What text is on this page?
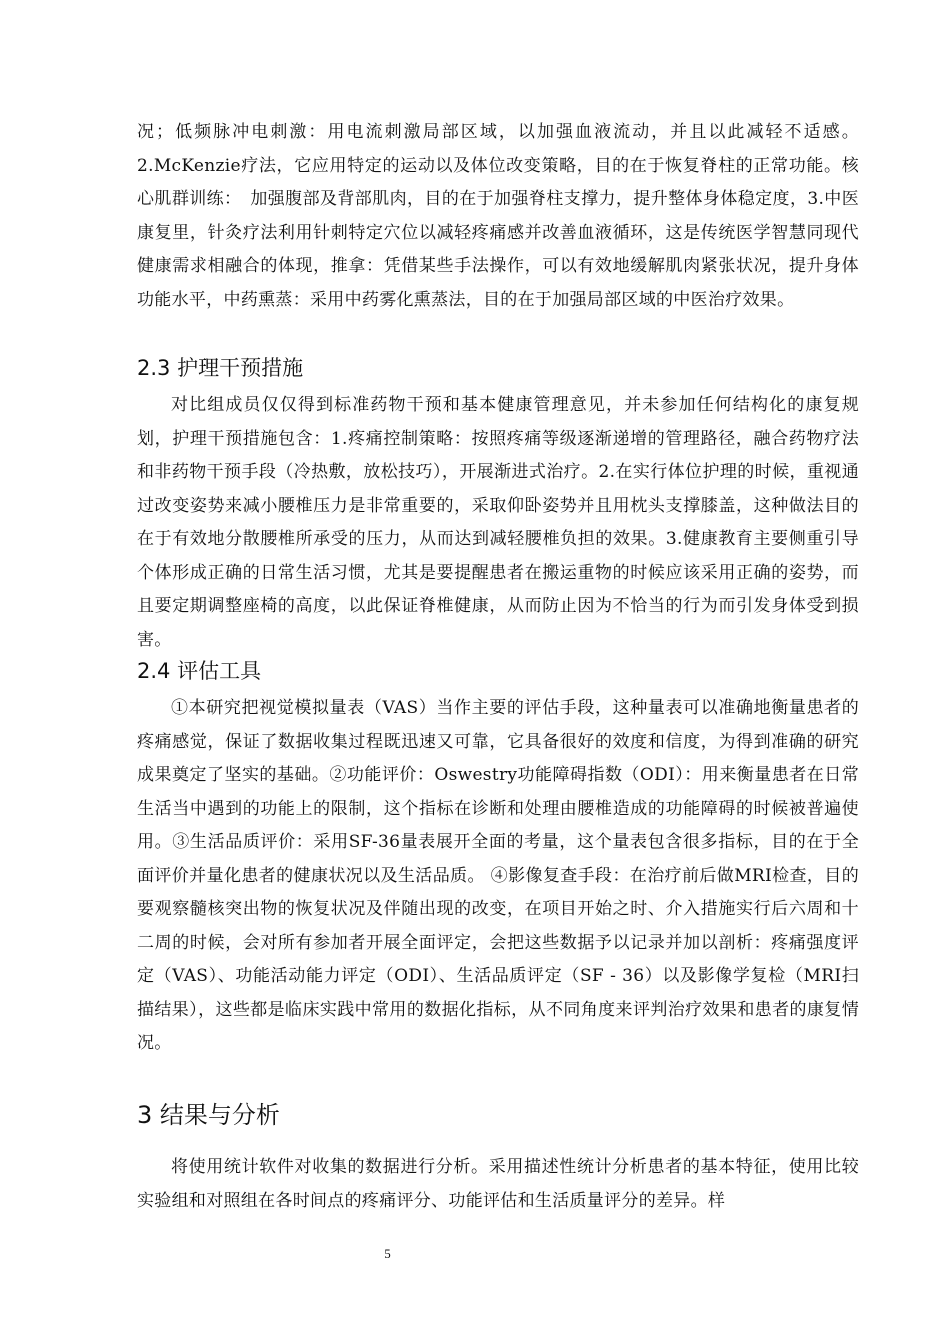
况；低频脉冲电刺激：用电流刺激局部区域，以加强血液流动，并且以此减轻不适感。2.McKenzie疗法，它应用特定的运动以及体位改变策略，目的在于恢复脊柱的正常功能。核心肌群训练：　加强腹部及背部肌肉，目的在于加强脊柱支撑力，提升整体身体稳定度，3.中医康复里，针灸疗法利用针刺特定穴位以减轻疼痛感并改善血液循环，这是传统医学智慧同现代健康需求相融合的体现，推拿：凭借某些手法操作，可以有效地缓解肌肉紧张状况，提升身体功能水平，中药熏蒸：采用中药雾化熏蒸法，目的在于加强局部区域的中医治疗效果。

2.3 护理干预措施

对比组成员仅仅得到标准药物干预和基本健康管理意见，并未参加任何结构化的康复规划，护理干预措施包含：1.疼痛控制策略：按照疼痛等级逐渐递增的管理路径，融合药物疗法和非药物干预手段（冷热敷，放松技巧），开展渐进式治疗。2.在实行体位护理的时候，重视通过改变姿势来减小腰椎压力是非常重要的，采取仰卧姿势并且用枕头支撑膝盖，这种做法目的在于有效地分散腰椎所承受的压力，从而达到减轻腰椎负担的效果。3.健康教育主要侧重引导个体形成正确的日常生活习惯，尤其是要提醒患者在搬运重物的时候应该采用正确的姿势，而且要定期调整座椅的高度，以此保证脊椎健康，从而防止因为不恰当的行为而引发身体受到损害。

2.4 评估工具

①本研究把视觉模拟量表（VAS）当作主要的评估手段，这种量表可以准确地衡量患者的疼痛感觉，保证了数据收集过程既迅速又可靠，它具备很好的效度和信度，为得到准确的研究成果奠定了坚实的基础。②功能评价：Oswestry功能障碍指数（ODI）：用来衡量患者在日常生活当中遇到的功能上的限制，这个指标在诊断和处理由腰椎造成的功能障碍的时候被普遍使用。③生活品质评价：采用SF-36量表展开全面的考量，这个量表包含很多指标，目的在于全面评价并量化患者的健康状况以及生活品质。 ④影像复查手段：在治疗前后做MRI检查，目的要观察髓核突出物的恢复状况及伴随出现的改变，在项目开始之时、介入措施实行后六周和十二周的时候，会对所有参加者开展全面评定，会把这些数据予以记录并加以剖析：疼痛强度评定（VAS）、功能活动能力评定（ODI）、生活品质评定（SF - 36）以及影像学复检（MRI扫描结果），这些都是临床实践中常用的数据化指标，从不同角度来评判治疗效果和患者的康复情况。

3 结果与分析

将使用统计软件对收集的数据进行分析。采用描述性统计分析患者的基本特征，使用比较实验组和对照组在各时间点的疼痛评分、功能评估和生活质量评分的差异。样

5
